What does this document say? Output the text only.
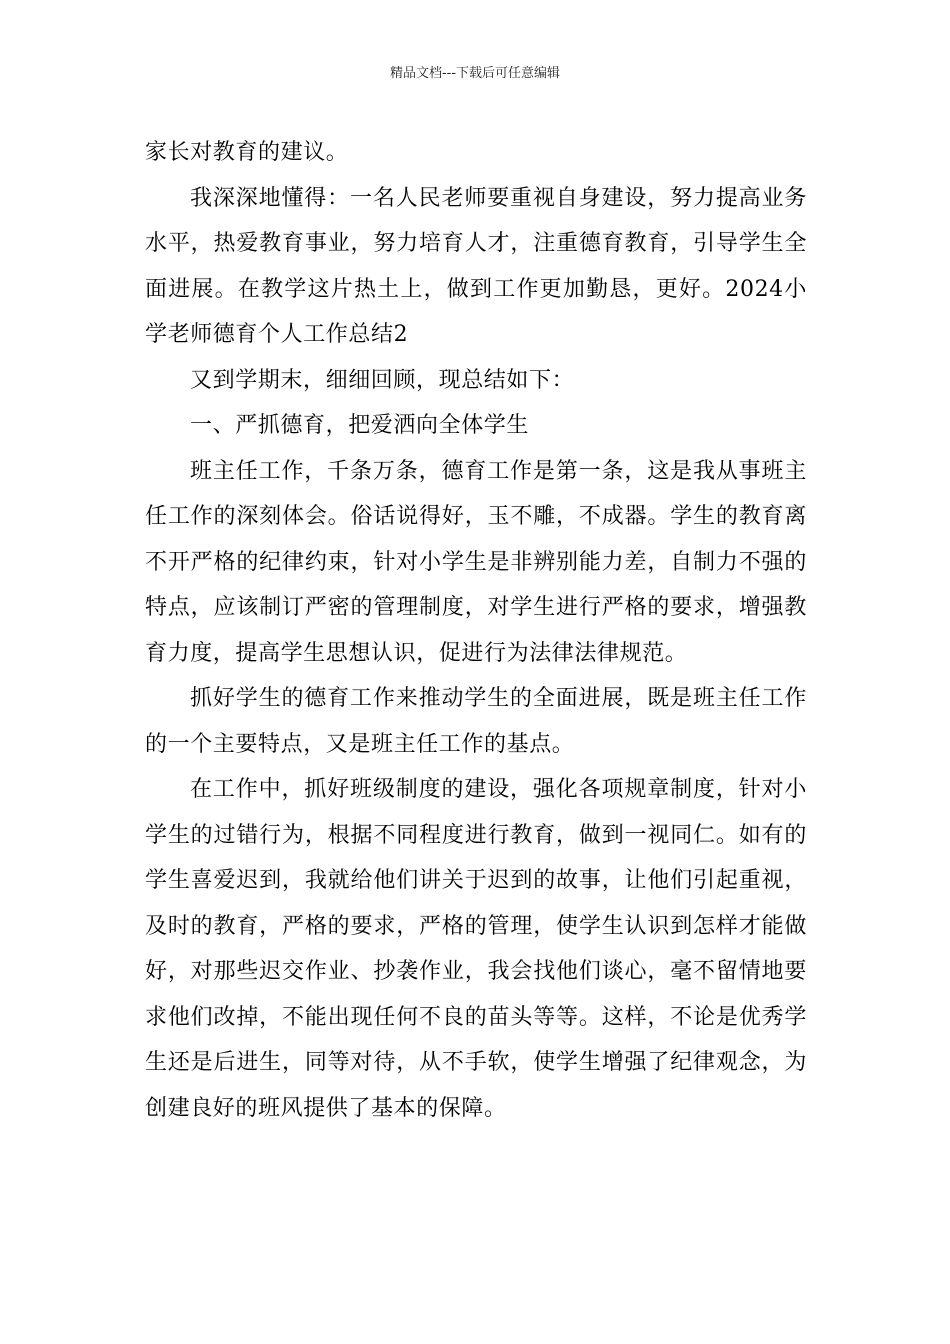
精品文档---下载后可任意编辑

家长对教育的建议。

我深深地懂得：一名人民老师要重视自身建设，努力提高业务水平，热爱教育事业，努力培育人才，注重德育教育，引导学生全面进展。在教学这片热土上，做到工作更加勤恳，更好。2024小学老师德育个人工作总结2

又到学期末，细细回顾，现总结如下：

一、严抓德育，把爱洒向全体学生

班主任工作，千条万条，德育工作是第一条，这是我从事班主任工作的深刻体会。俗话说得好，玉不雕，不成器。学生的教育离不开严格的纪律约束，针对小学生是非辨别能力差，自制力不强的特点，应该制订严密的管理制度，对学生进行严格的要求，增强教育力度，提高学生思想认识，促进行为法律法律规范。

抓好学生的德育工作来推动学生的全面进展，既是班主任工作的一个主要特点，又是班主任工作的基点。

在工作中，抓好班级制度的建设，强化各项规章制度，针对小学生的过错行为，根据不同程度进行教育，做到一视同仁。如有的学生喜爱迟到，我就给他们讲关于迟到的故事，让他们引起重视，及时的教育，严格的要求，严格的管理，使学生认识到怎样才能做好，对那些迟交作业、抄袭作业，我会找他们谈心，毫不留情地要求他们改掉，不能出现任何不良的苗头等等。这样，不论是优秀学生还是后进生，同等对待，从不手软，使学生增强了纪律观念，为创建良好的班风提供了基本的保障。
